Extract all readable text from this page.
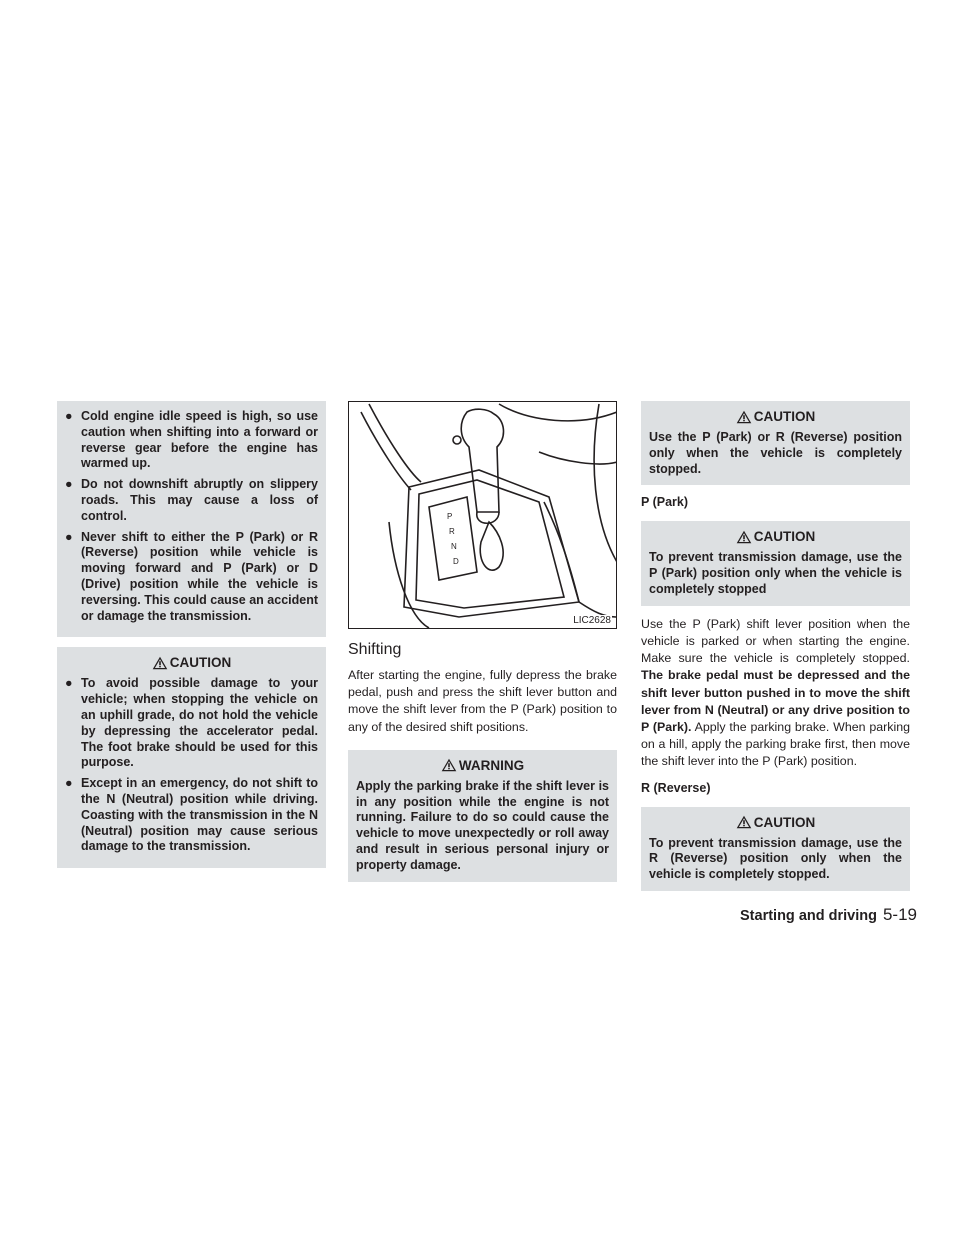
● Cold engine idle speed is high, so use caution when shifting into a forward or reverse gear before the engine has warmed up.
● Do not downshift abruptly on slippery roads. This may cause a loss of control.
● Never shift to either the P (Park) or R (Reverse) position while vehicle is moving forward and P (Park) or D (Drive) position while the vehicle is reversing. This could cause an accident or damage the transmission.
CAUTION
● To avoid possible damage to your vehicle; when stopping the vehicle on an uphill grade, do not hold the vehicle by depressing the accelerator pedal. The foot brake should be used for this purpose.
● Except in an emergency, do not shift to the N (Neutral) position while driving. Coasting with the transmission in the N (Neutral) position may cause serious damage to the transmission.
P
R
N
D
LIC2628
Shifting

After starting the engine, fully depress the brake pedal, push and press the shift lever button and move the shift lever from the P (Park) position to any of the desired shift positions.

WARNING

Apply the parking brake if the shift lever is in any position while the engine is not running. Failure to do so could cause the vehicle to move unexpectedly or roll away and result in serious personal injury or property damage.

CAUTION

Use the P (Park) or R (Reverse) position only when the vehicle is completely stopped.

P (Park)
CAUTION

To prevent transmission damage, use the P (Park) position only when the vehicle is completely stopped

Use the P (Park) shift lever position when the vehicle is parked or when starting the engine. Make sure the vehicle is completely stopped. The brake pedal must be depressed and the shift lever button pushed in to move the shift lever from N (Neutral) or any drive position to P (Park). Apply the parking brake. When parking on a hill, apply the parking brake first, then move the shift lever into the P (Park) position.

R (Reverse)
CAUTION

To prevent transmission damage, use the R (Reverse) position only when the vehicle is completely stopped.

Starting and driving 5-19
